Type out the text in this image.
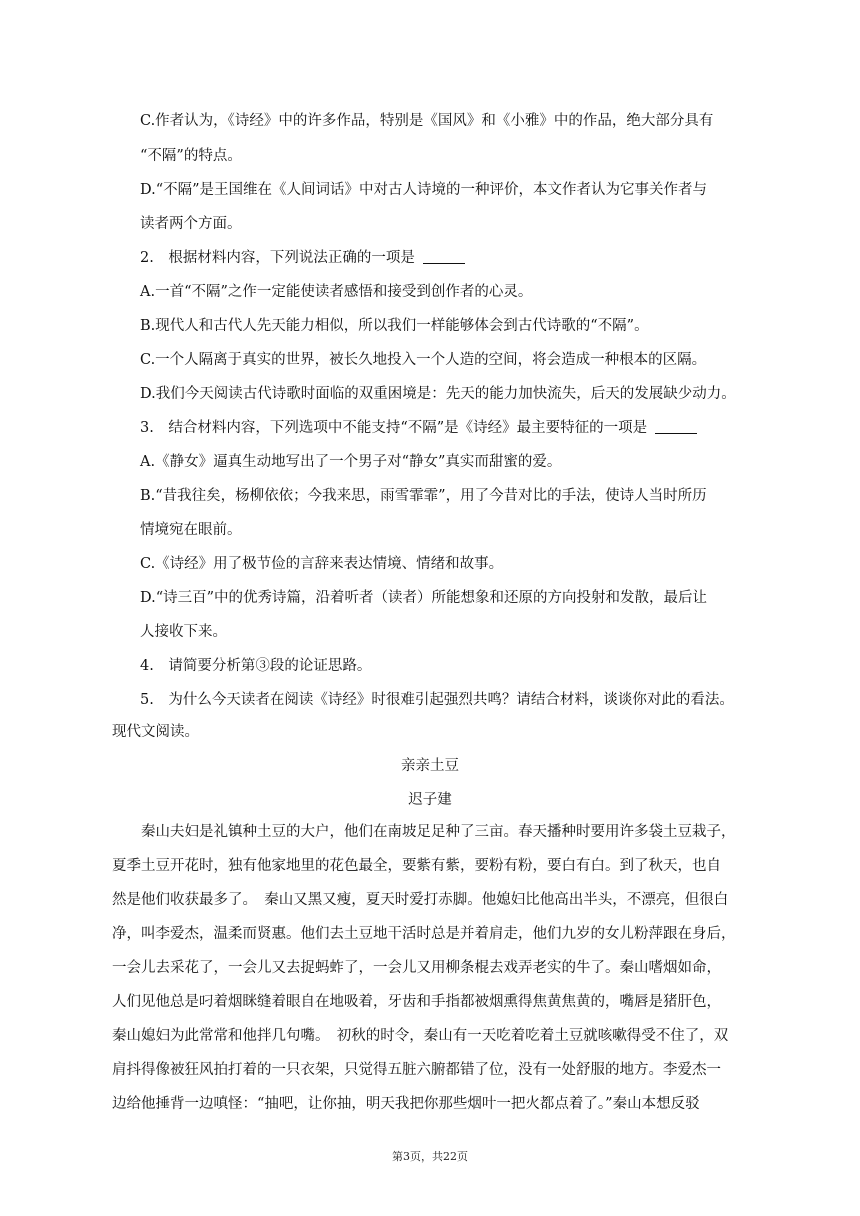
C.作者认为，《诗经》中的许多作品，特别是《国风》和《小雅》中的作品，绝大部分具有
“不隔”的特点。
D.“不隔”是王国维在《人间词话》中对古人诗境的一种评价，本文作者认为它事关作者与
读者两个方面。
2.　根据材料内容，下列说法正确的一项是
A.一首“不隔”之作一定能使读者感悟和接受到创作者的心灵。
B.现代人和古代人先天能力相似，所以我们一样能够体会到古代诗歌的“不隔”。
C.一个人隔离于真实的世界，被长久地投入一个人造的空间，将会造成一种根本的区隔。
D.我们今天阅读古代诗歌时面临的双重困境是：先天的能力加快流失，后天的发展缺少动力。
3.　结合材料内容，下列选项中不能支持“不隔”是《诗经》最主要特征的一项是
A.《静女》逼真生动地写出了一个男子对“静女”真实而甜蜜的爱。
B.“昔我往矣，杨柳依依；今我来思，雨雪霏霏”，用了今昔对比的手法，使诗人当时所历
情境宛在眼前。
C.《诗经》用了极节俭的言辞来表达情境、情绪和故事。
D.“诗三百”中的优秀诗篇，沿着听者（读者）所能想象和还原的方向投射和发散，最后让
人接收下来。
4.　请简要分析第③段的论证思路。
5.　为什么今天读者在阅读《诗经》时很难引起强烈共鸣？请结合材料，谈谈你对此的看法。
现代文阅读。
亲亲土豆
迟子建
　　秦山夫妇是礼镇种土豆的大户，他们在南坡足足种了三亩。春天播种时要用许多袋土豆栽子，
夏季土豆开花时，独有他家地里的花色最全，要紫有紫，要粉有粉，要白有白。到了秋天，也自
然是他们收获最多了。　秦山又黑又瘦，夏天时爱打赤脚。他媳妇比他高出半头，不漂亮，但很白
净，叫李爱杰，温柔而贤惠。他们去土豆地干活时总是并着肩走，他们九岁的女儿粉萍跟在身后，
一会儿去采花了，一会儿又去捉蚂蚱了，一会儿又用柳条棍去戏弄老实的牛了。秦山嗜烟如命，
人们见他总是叼着烟眯缝着眼自在地吸着，牙齿和手指都被烟熏得焦黄焦黄的，嘴唇是猪肝色，
秦山媳妇为此常常和他拌几句嘴。　初秋的时令，秦山有一天吃着吃着土豆就咳嗽得受不住了，双
肩抖得像被狂风拍打着的一只衣架，只觉得五脏六腑都错了位，没有一处舒服的地方。李爱杰一
边给他捶背一边嗔怪：“抽吧，让你抽，明天我把你那些烟叶一把火都点着了。”秦山本想反驳
第3页，共22页
